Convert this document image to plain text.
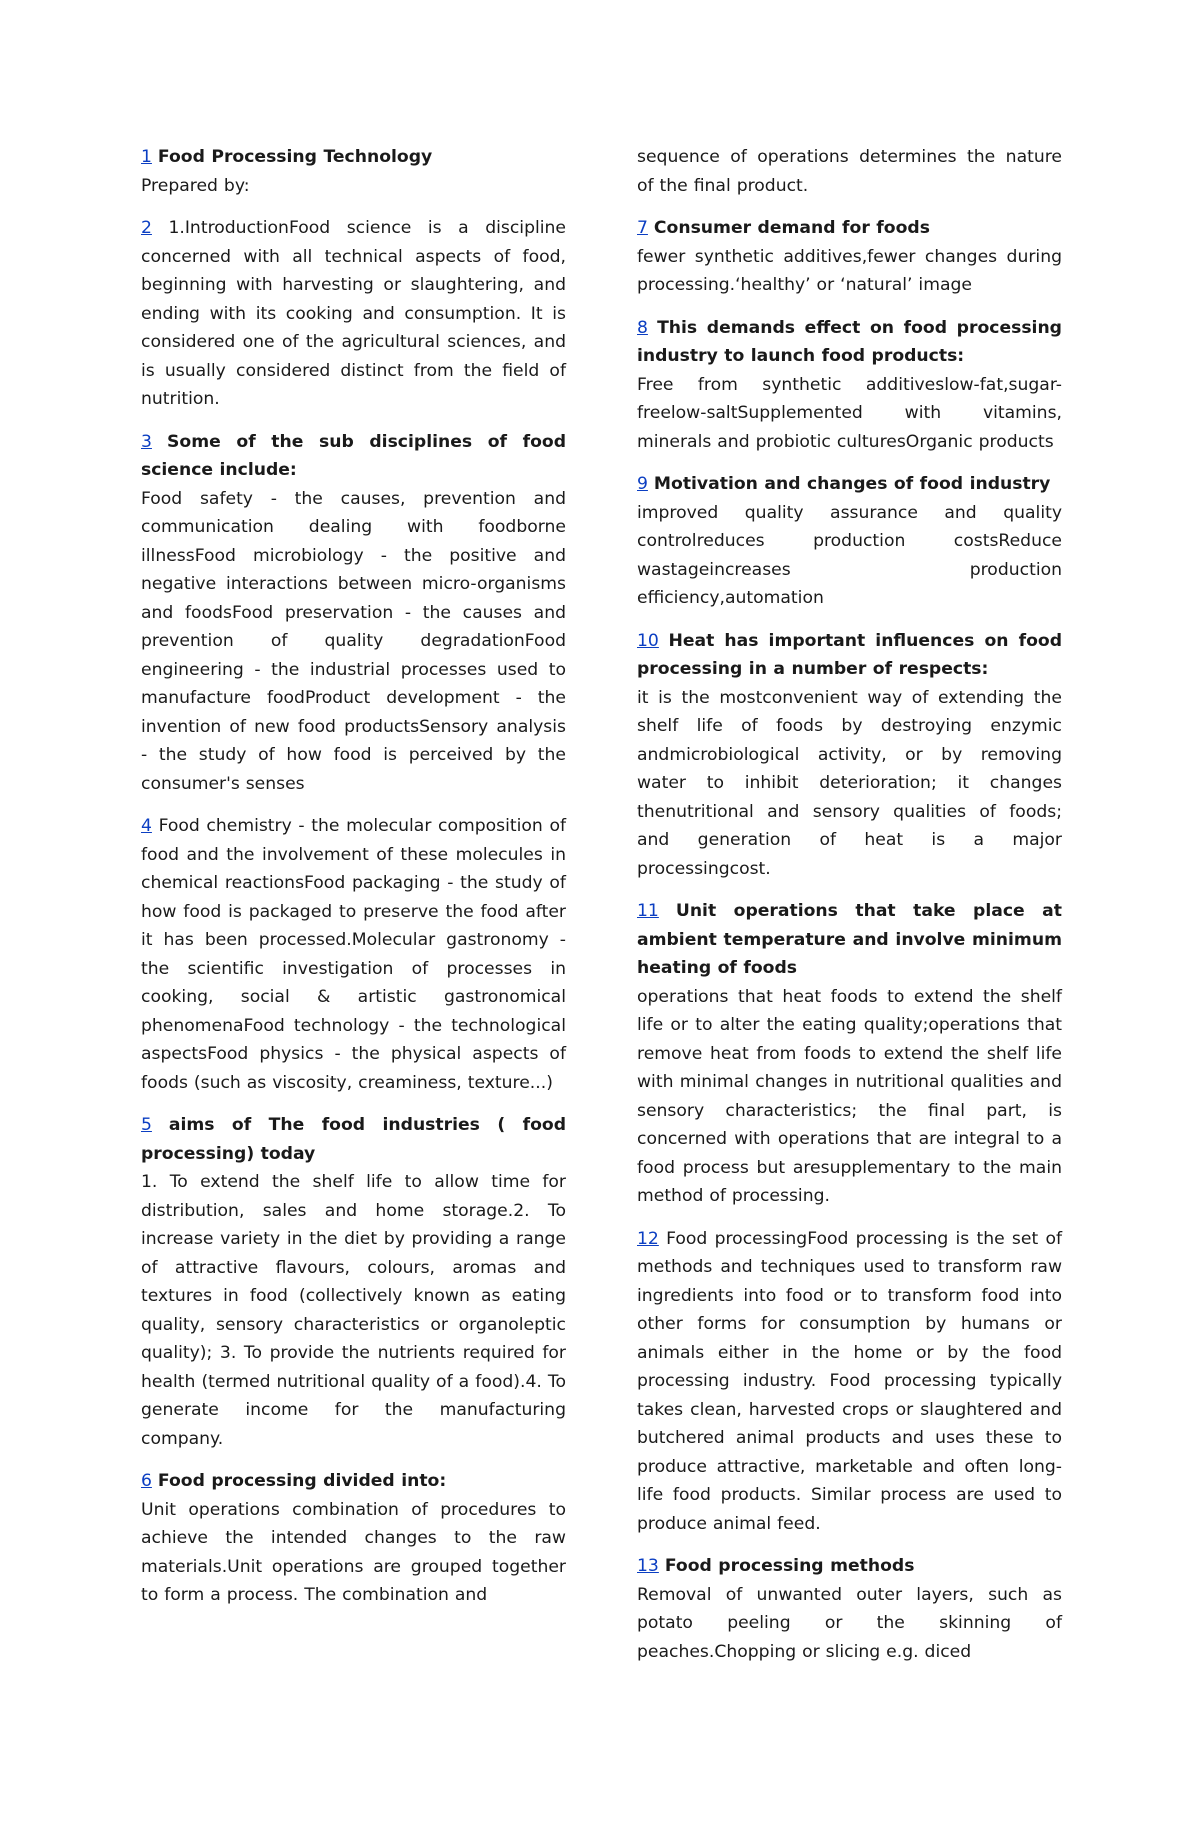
1 Food Processing Technology
Prepared by:

2 1.IntroductionFood science is a discipline concerned with all technical aspects of food, beginning with harvesting or slaughtering, and ending with its cooking and consumption. It is considered one of the agricultural sciences, and is usually considered distinct from the field of nutrition.

3 Some of the sub disciplines of food science include:
Food safety - the causes, prevention and communication dealing with foodborne illnessFood microbiology - the positive and negative interactions between micro-organisms and foodsFood preservation - the causes and prevention of quality degradationFood engineering - the industrial processes used to manufacture foodProduct development - the invention of new food productsSensory analysis - the study of how food is perceived by the consumer's senses

4 Food chemistry - the molecular composition of food and the involvement of these molecules in chemical reactionsFood packaging - the study of how food is packaged to preserve the food after it has been processed.Molecular gastronomy - the scientific investigation of processes in cooking, social & artistic gastronomical phenomenaFood technology - the technological aspectsFood physics - the physical aspects of foods (such as viscosity, creaminess, texture...)

5 aims of The food industries ( food processing) today
1. To extend the shelf life to allow time for distribution, sales and home storage.2. To increase variety in the diet by providing a range of attractive flavours, colours, aromas and textures in food (collectively known as eating quality, sensory characteristics or organoleptic quality); 3. To provide the nutrients required for health (termed nutritional quality of a food).4. To generate income for the manufacturing company.

6 Food processing divided into:
Unit operations combination of procedures to achieve the intended changes to the raw materials.Unit operations are grouped together to form a process. The combination and

sequence of operations determines the nature of the final product.

7 Consumer demand for foods
fewer synthetic additives,fewer changes during processing.‘healthy’ or ‘natural’ image

8 This demands effect on food processing industry to launch food products:
Free from synthetic additiveslow-fat,sugar-freelow-saltSupplemented with vitamins, minerals and probiotic culturesOrganic products

9 Motivation and changes of food industry
improved quality assurance and quality controlreduces production costsReduce wastageincreases production efficiency,automation

10 Heat has important influences on food processing in a number of respects:
it is the mostconvenient way of extending the shelf life of foods by destroying enzymic andmicrobiological activity, or by removing water to inhibit deterioration; it changes thenutritional and sensory qualities of foods; and generation of heat is a major processingcost.

11 Unit operations that take place at ambient temperature and involve minimum heating of foods
operations that heat foods to extend the shelf life or to alter the eating quality;operations that remove heat from foods to extend the shelf life with minimal changes in nutritional qualities and sensory characteristics; the final part, is concerned with operations that are integral to a food process but aresupplementary to the main method of processing.

12 Food processingFood processing is the set of methods and techniques used to transform raw ingredients into food or to transform food into other forms for consumption by humans or animals either in the home or by the food processing industry. Food processing typically takes clean, harvested crops or slaughtered and butchered animal products and uses these to produce attractive, marketable and often long-life food products. Similar process are used to produce animal feed.

13 Food processing methods
Removal of unwanted outer layers, such as potato peeling or the skinning of peaches.Chopping or slicing e.g. diced
